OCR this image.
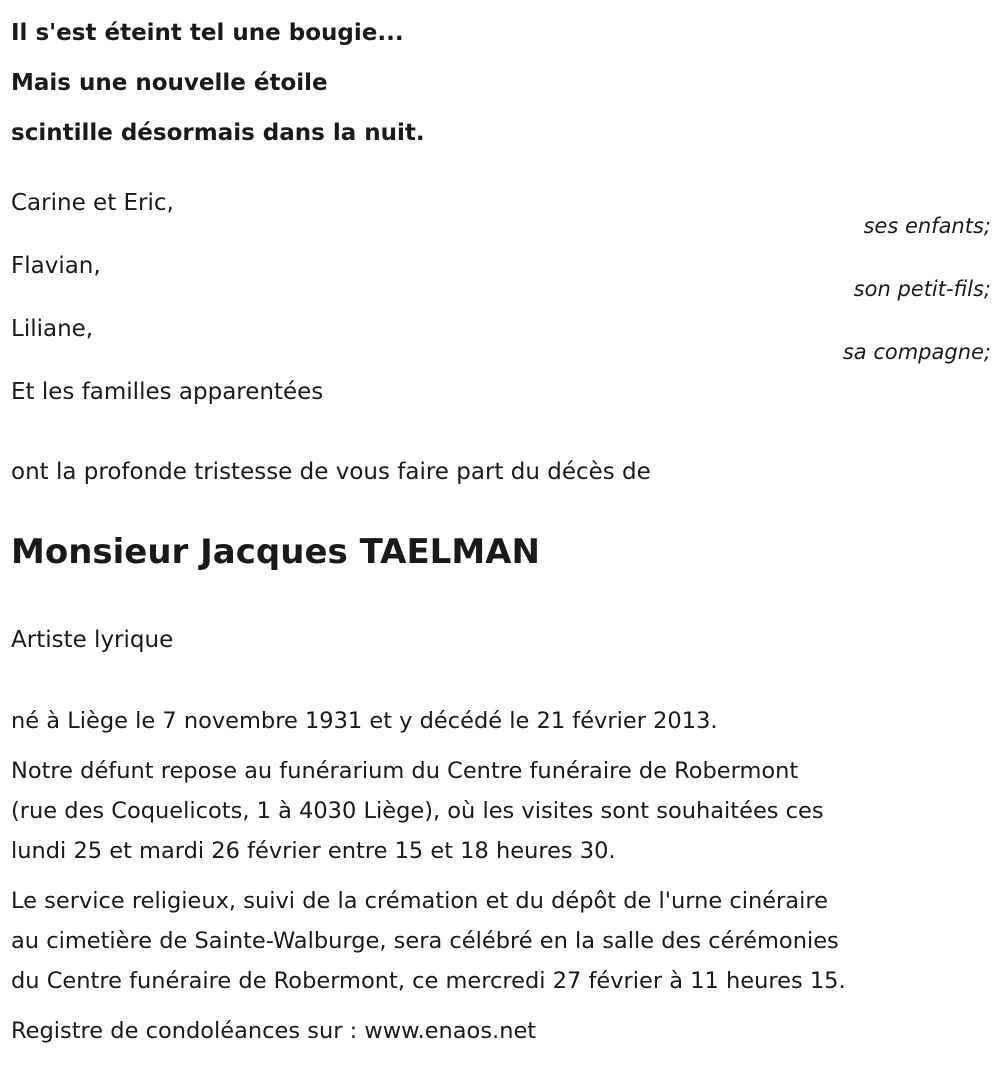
Il s'est éteint tel une bougie...
Mais une nouvelle étoile
scintille désormais dans la nuit.
Carine et Eric,
ses enfants;
Flavian,
son petit-fils;
Liliane,
sa compagne;
Et les familles apparentées
ont la profonde tristesse de vous faire part du décès de
Monsieur Jacques TAELMAN
Artiste lyrique
né à Liège le 7 novembre 1931 et y décédé le 21 février 2013.
Notre défunt repose au funérarium du Centre funéraire de Robermont
(rue des Coquelicots, 1 à 4030 Liège), où les visites sont souhaitées ces
lundi 25 et mardi 26 février entre 15 et 18 heures 30.
Le service religieux, suivi de la crémation et du dépôt de l'urne cinéraire
au cimetière de Sainte-Walburge, sera célébré en la salle des cérémonies
du Centre funéraire de Robermont, ce mercredi 27 février à 11 heures 15.
Registre de condoléances sur : www.enaos.net
